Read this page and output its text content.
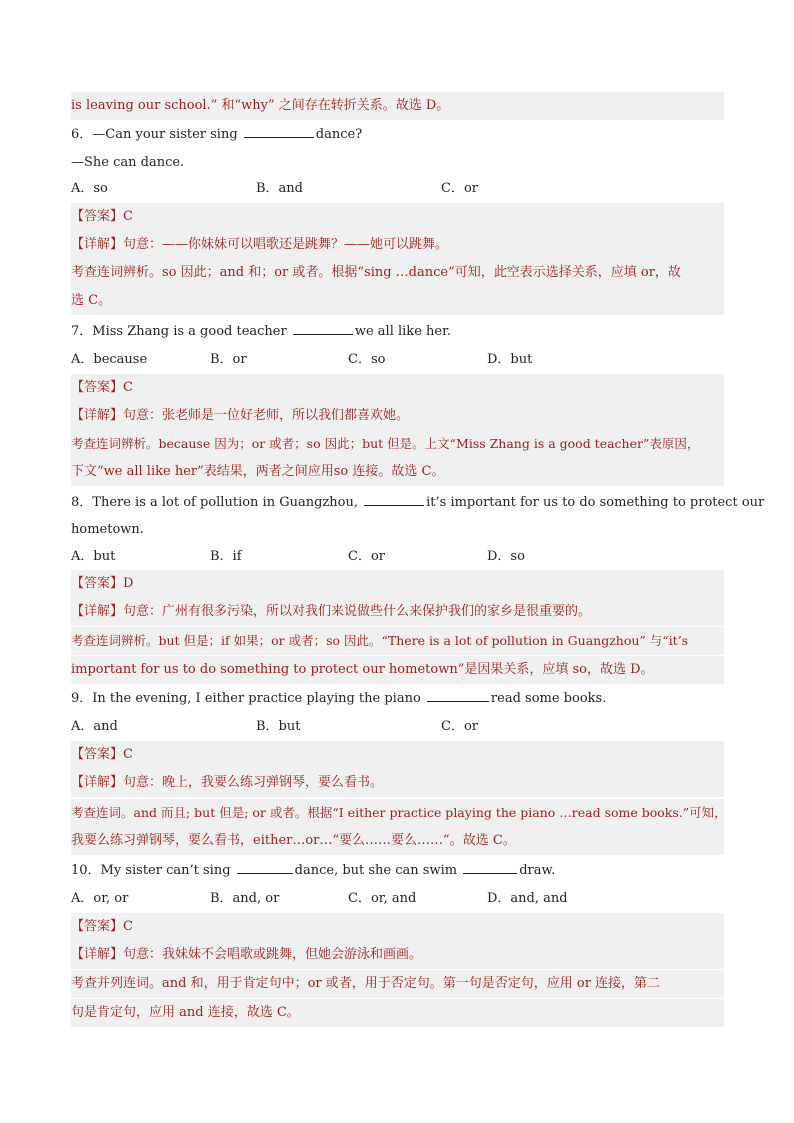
is leaving our school.” 和“why” 之间存在转折关系。故选 D。
6．—Can your sister sing	dance?
—She can dance.
A．so	B．and	C．or
【答案】C
【详解】句意：——你妹妹可以唱歌还是跳舞？——她可以跳舞。
考查连词辨析。so 因此；and 和；or 或者。根据“sing …dance”可知，此空表示选择关系，应填 or，故
选 C。
7．Miss Zhang is a good teacher	we all like her.
A．because	B．or	C．so	D．but
【答案】C
【详解】句意：张老师是一位好老师，所以我们都喜欢她。
考查连词辨析。because 因为；or 或者；so 因此；but 但是。上文“Miss Zhang is a good teacher”表原因，
下文“we all like her”表结果，两者之间应用so 连接。故选 C。
8．There is a lot of pollution in Guangzhou,	it’s important for us to do something to protect our
hometown.
A．but	B．if	C．or	D．so
【答案】D
【详解】句意：广州有很多污染，所以对我们来说做些什么来保护我们的家乡是很重要的。
考查连词辨析。but 但是；if 如果；or 或者；so 因此。“There is a lot of pollution in Guangzhou” 与“it’s
important for us to do something to protect our hometown”是因果关系，应填 so，故选 D。
9．In the evening, I either practice playing the piano	read some books.
A．and	B．but	C．or
【答案】C
【详解】句意：晚上，我要么练习弹钢琴，要么看书。
考查连词。and 而且; but 但是; or 或者。根据“I either practice playing the piano …read some books.”可知，
我要么练习弹钢琴，要么看书，either…or…“要么……要么……”。故选 C。
10．My sister can’t sing	dance, but she can swim	draw.
A．or, or	B．and, or	C．or, and	D．and, and
【答案】C
【详解】句意：我妹妹不会唱歌或跳舞，但她会游泳和画画。
考查并列连词。and 和，用于肯定句中；or 或者，用于否定句。第一句是否定句，应用 or 连接，第二
句是肯定句，应用 and 连接，故选 C。
